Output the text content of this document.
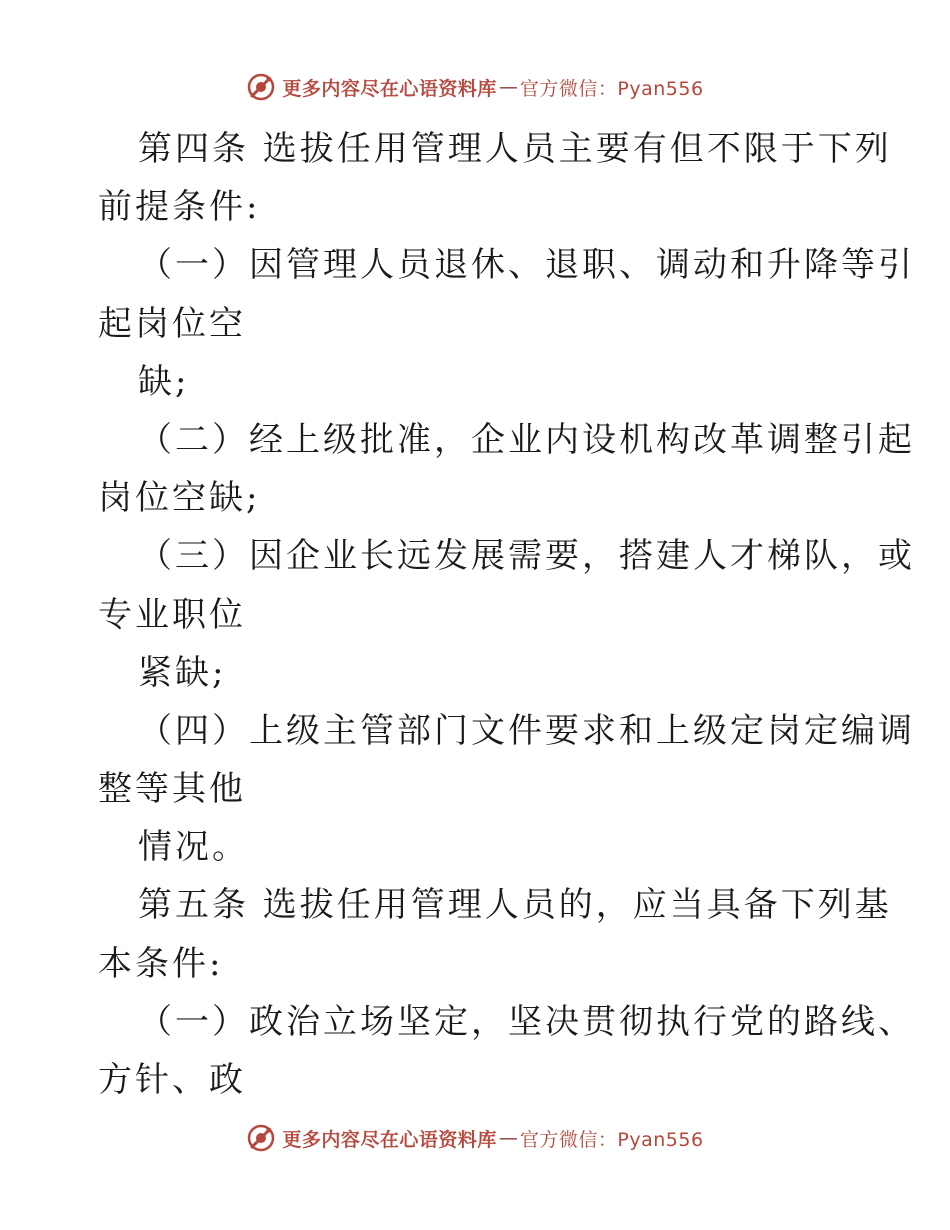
更多内容尽在心语资料库 — 官方微信：Pyan556
第四条 选拔任用管理人员主要有但不限于下列
前提条件:
（一）因管理人员退休、退职、调动和升降等引
起岗位空
缺;
（二）经上级批准，企业内设机构改革调整引起
岗位空缺;
（三）因企业长远发展需要，搭建人才梯队，或
专业职位
紧缺;
（四）上级主管部门文件要求和上级定岗定编调
整等其他
情况。
第五条 选拔任用管理人员的，应当具备下列基
本条件:
（一）政治立场坚定，坚决贯彻执行党的路线、
方针、政
更多内容尽在心语资料库 — 官方微信：Pyan556
